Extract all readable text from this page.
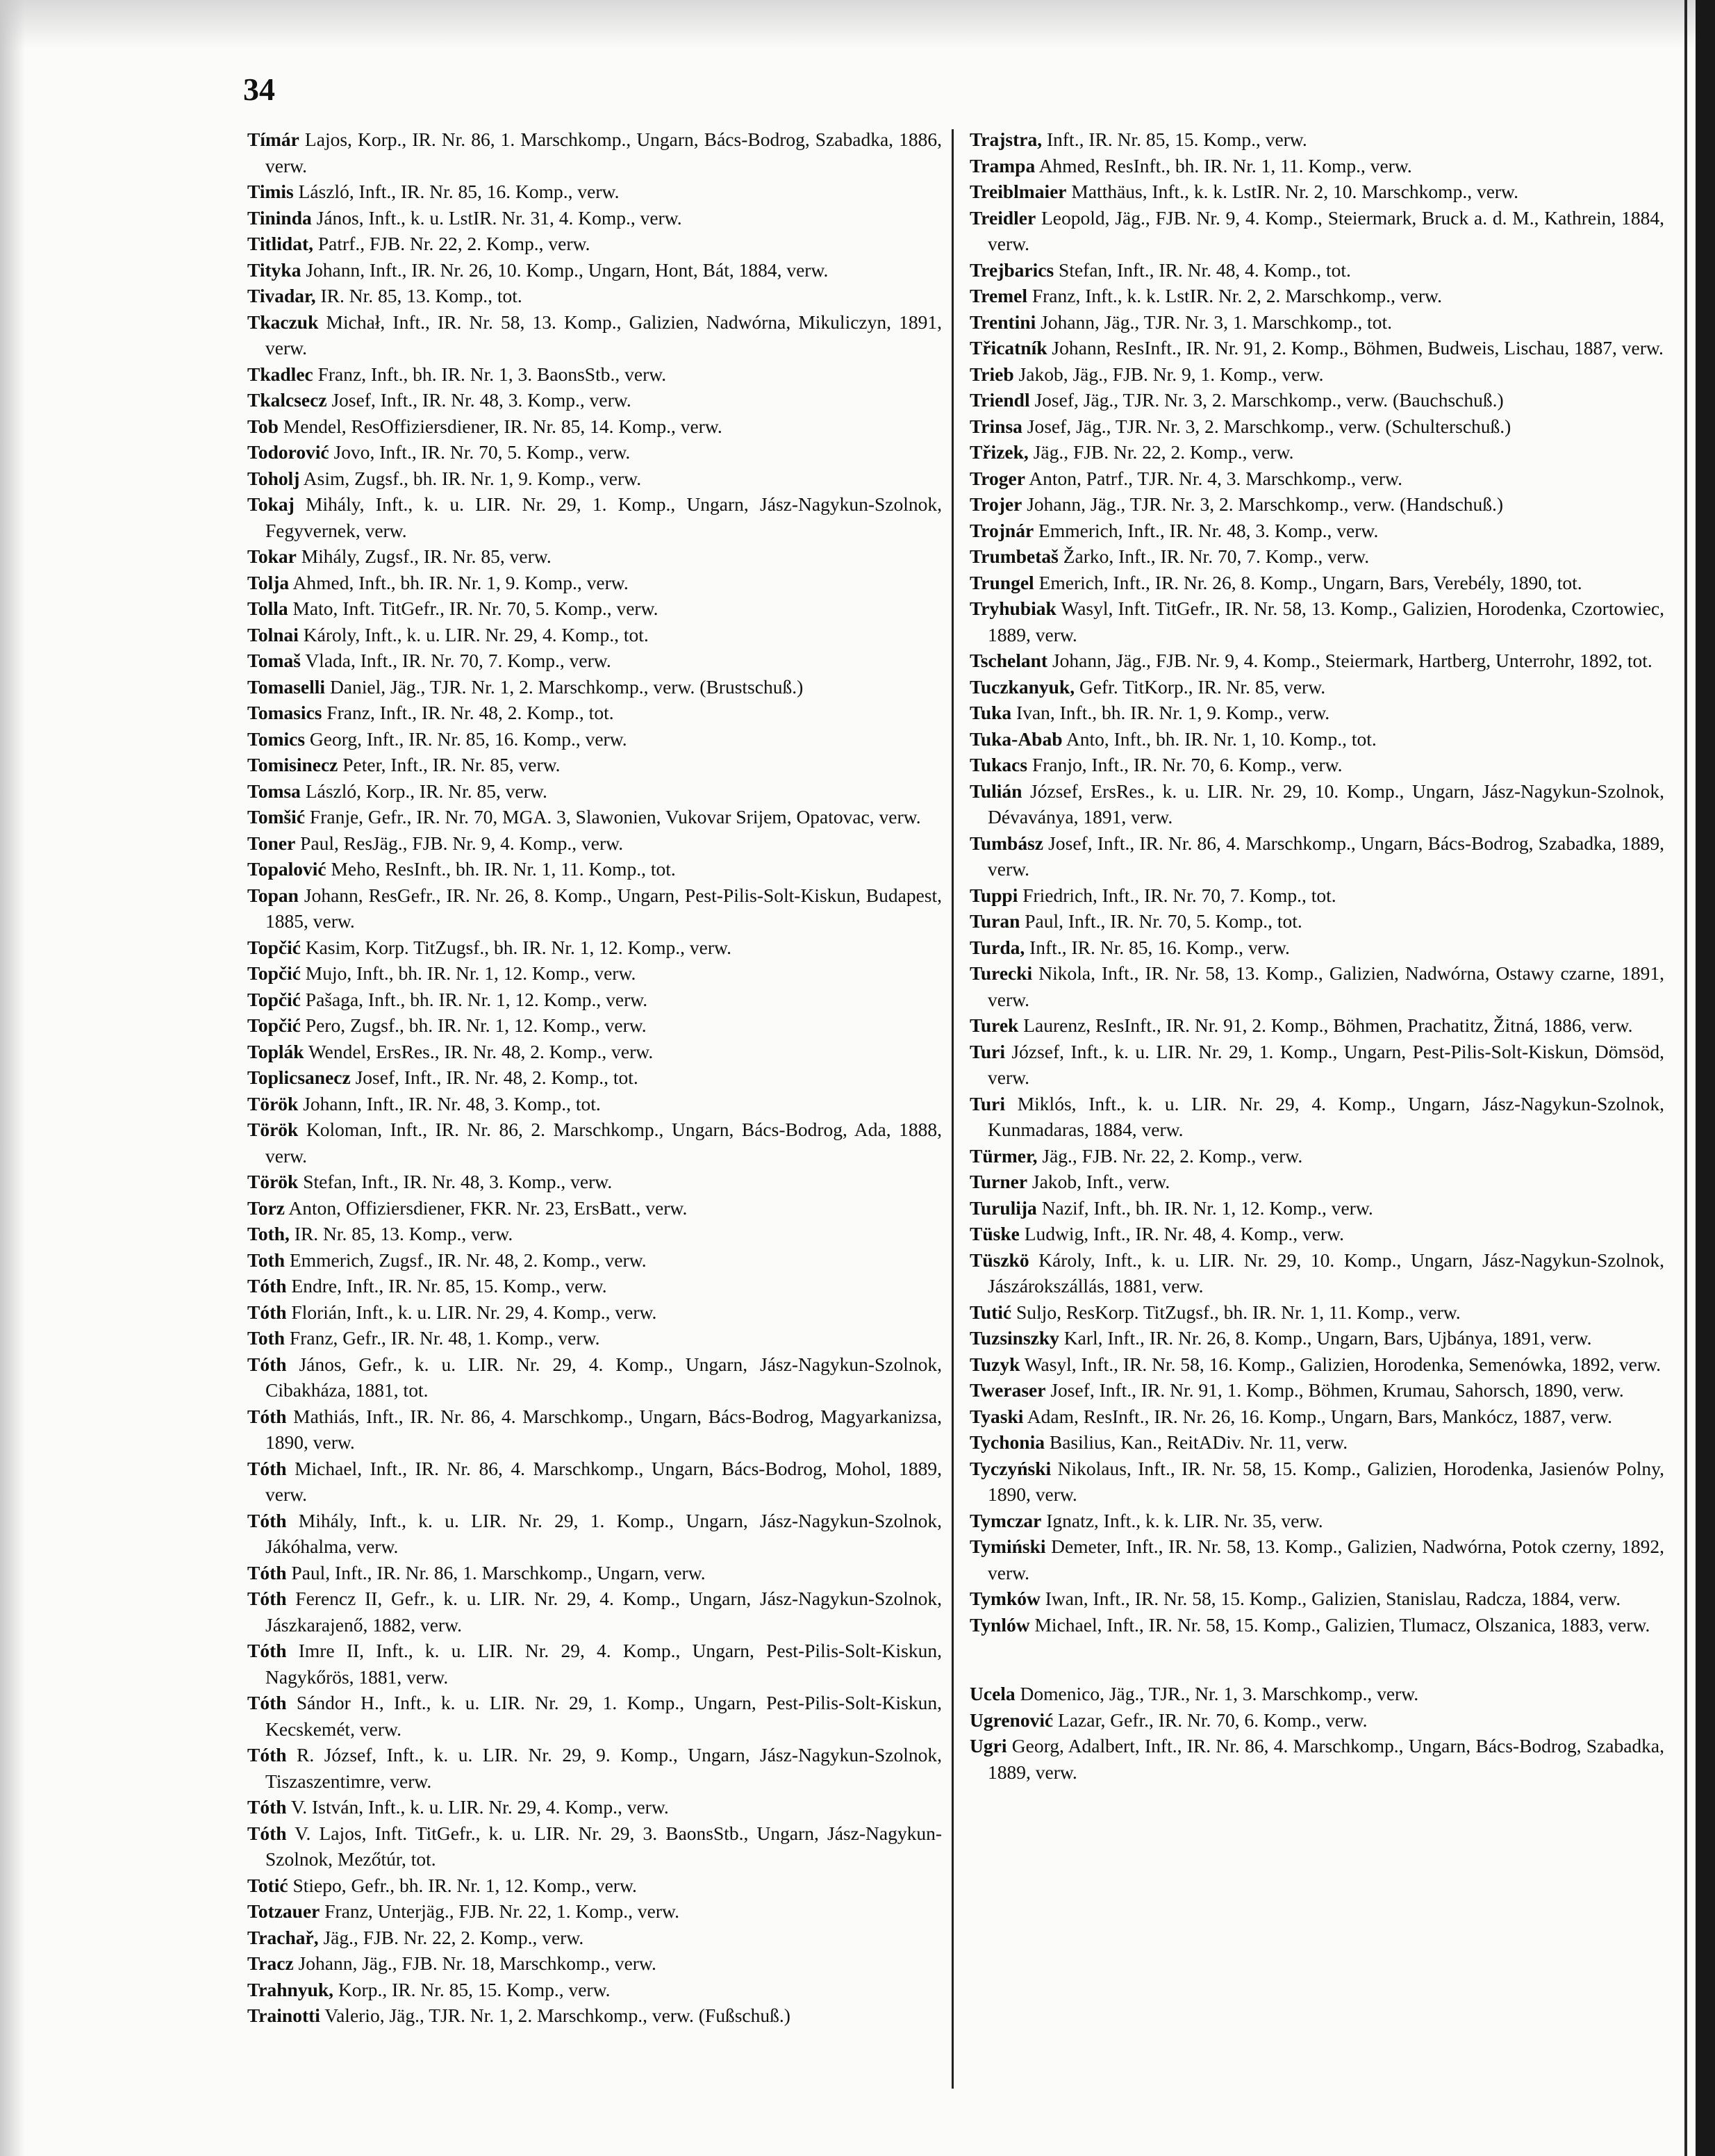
34
Tímár Lajos, Korp., IR. Nr. 86, 1. Marschkomp., Ungarn, Bács-Bodrog, Szabadka, 1886, verw.
Timis László, Inft., IR. Nr. 85, 16. Komp., verw.
Tininda János, Inft., k. u. LstIR. Nr. 31, 4. Komp., verw.
Titlidat, Patrf., FJB. Nr. 22, 2. Komp., verw.
Tityka Johann, Inft., IR. Nr. 26, 10. Komp., Ungarn, Hont, Bát, 1884, verw.
Tivadar, IR. Nr. 85, 13. Komp., tot.
Tkaczuk Michał, Inft., IR. Nr. 58, 13. Komp., Galizien, Nadwórna, Mikuliczyn, 1891, verw.
Tkadlec Franz, Inft., bh. IR. Nr. 1, 3. BaonsStb., verw.
Tkalcsecz Josef, Inft., IR. Nr. 48, 3. Komp., verw.
Tob Mendel, ResOffiziersdiener, IR. Nr. 85, 14. Komp., verw.
Todorović Jovo, Inft., IR. Nr. 70, 5. Komp., verw.
Toholj Asim, Zugsf., bh. IR. Nr. 1, 9. Komp., verw.
Tokaj Mihály, Inft., k. u. LIR. Nr. 29, 1. Komp., Ungarn, Jász-Nagykun-Szolnok, Fegyvernek, verw.
Tokar Mihály, Zugsf., IR. Nr. 85, verw.
Tolja Ahmed, Inft., bh. IR. Nr. 1, 9. Komp., verw.
Tolla Mato, Inft. TitGefr., IR. Nr. 70, 5. Komp., verw.
Tolnai Károly, Inft., k. u. LIR. Nr. 29, 4. Komp., tot.
Tomaš Vlada, Inft., IR. Nr. 70, 7. Komp., verw.
Tomaselli Daniel, Jäg., TJR. Nr. 1, 2. Marschkomp., verw. (Brustschuß.)
Tomasics Franz, Inft., IR. Nr. 48, 2. Komp., tot.
Tomics Georg, Inft., IR. Nr. 85, 16. Komp., verw.
Tomisinecz Peter, Inft., IR. Nr. 85, verw.
Tomsa László, Korp., IR. Nr. 85, verw.
Tomšić Franje, Gefr., IR. Nr. 70, MGA. 3, Slawonien, Vukovar Srijem, Opatovac, verw.
Toner Paul, ResJäg., FJB. Nr. 9, 4. Komp., verw.
Topalović Meho, ResInft., bh. IR. Nr. 1, 11. Komp., tot.
Topan Johann, ResGefr., IR. Nr. 26, 8. Komp., Ungarn, Pest-Pilis-Solt-Kiskun, Budapest, 1885, verw.
Topčić Kasim, Korp. TitZugsf., bh. IR. Nr. 1, 12. Komp., verw.
Topčić Mujo, Inft., bh. IR. Nr. 1, 12. Komp., verw.
Topčić Pašaga, Inft., bh. IR. Nr. 1, 12. Komp., verw.
Topčić Pero, Zugsf., bh. IR. Nr. 1, 12. Komp., verw.
Toplák Wendel, ErsRes., IR. Nr. 48, 2. Komp., verw.
Toplicsanecz Josef, Inft., IR. Nr. 48, 2. Komp., tot.
Török Johann, Inft., IR. Nr. 48, 3. Komp., tot.
Török Koloman, Inft., IR. Nr. 86, 2. Marschkomp., Ungarn, Bács-Bodrog, Ada, 1888, verw.
Török Stefan, Inft., IR. Nr. 48, 3. Komp., verw.
Torz Anton, Offiziersdiener, FKR. Nr. 23, ErsBatt., verw.
Toth, IR. Nr. 85, 13. Komp., verw.
Toth Emmerich, Zugsf., IR. Nr. 48, 2. Komp., verw.
Tóth Endre, Inft., IR. Nr. 85, 15. Komp., verw.
Tóth Florián, Inft., k. u. LIR. Nr. 29, 4. Komp., verw.
Toth Franz, Gefr., IR. Nr. 48, 1. Komp., verw.
Tóth János, Gefr., k. u. LIR. Nr. 29, 4. Komp., Ungarn, Jász-Nagykun-Szolnok, Cibakháza, 1881, tot.
Tóth Mathiás, Inft., IR. Nr. 86, 4. Marschkomp., Ungarn, Bács-Bodrog, Magyarkanizsa, 1890, verw.
Tóth Michael, Inft., IR. Nr. 86, 4. Marschkomp., Ungarn, Bács-Bodrog, Mohol, 1889, verw.
Tóth Mihály, Inft., k. u. LIR. Nr. 29, 1. Komp., Ungarn, Jász-Nagykun-Szolnok, Jákóhalma, verw.
Tóth Paul, Inft., IR. Nr. 86, 1. Marschkomp., Ungarn, verw.
Tóth Ferencz II, Gefr., k. u. LIR. Nr. 29, 4. Komp., Ungarn, Jász-Nagykun-Szolnok, Jászkarajenő, 1882, verw.
Tóth Imre II, Inft., k. u. LIR. Nr. 29, 4. Komp., Ungarn, Pest-Pilis-Solt-Kiskun, Nagykőrös, 1881, verw.
Tóth Sándor H., Inft., k. u. LIR. Nr. 29, 1. Komp., Ungarn, Pest-Pilis-Solt-Kiskun, Kecskemét, verw.
Tóth R. József, Inft., k. u. LIR. Nr. 29, 9. Komp., Ungarn, Jász-Nagykun-Szolnok, Tiszaszentimre, verw.
Tóth V. István, Inft., k. u. LIR. Nr. 29, 4. Komp., verw.
Tóth V. Lajos, Inft. TitGefr., k. u. LIR. Nr. 29, 3. BaonsStb., Ungarn, Jász-Nagykun-Szolnok, Mezőtúr, tot.
Totić Stiepo, Gefr., bh. IR. Nr. 1, 12. Komp., verw.
Totzauer Franz, Unterjäg., FJB. Nr. 22, 1. Komp., verw.
Trachař, Jäg., FJB. Nr. 22, 2. Komp., verw.
Tracz Johann, Jäg., FJB. Nr. 18, Marschkomp., verw.
Trahnyuk, Korp., IR. Nr. 85, 15. Komp., verw.
Trainotti Valerio, Jäg., TJR. Nr. 1, 2. Marschkomp., verw. (Fußschuß.)
Trajstra, Inft., IR. Nr. 85, 15. Komp., verw.
Trampa Ahmed, ResInft., bh. IR. Nr. 1, 11. Komp., verw.
Treiblmaier Matthäus, Inft., k. k. LstIR. Nr. 2, 10. Marschkomp., verw.
Treidler Leopold, Jäg., FJB. Nr. 9, 4. Komp., Steiermark, Bruck a. d. M., Kathrein, 1884, verw.
Trejbarics Stefan, Inft., IR. Nr. 48, 4. Komp., tot.
Tremel Franz, Inft., k. k. LstIR. Nr. 2, 2. Marschkomp., verw.
Trentini Johann, Jäg., TJR. Nr. 3, 1. Marschkomp., tot.
Třicatník Johann, ResInft., IR. Nr. 91, 2. Komp., Böhmen, Budweis, Lischau, 1887, verw.
Trieb Jakob, Jäg., FJB. Nr. 9, 1. Komp., verw.
Triendl Josef, Jäg., TJR. Nr. 3, 2. Marschkomp., verw. (Bauchschuß.)
Trinsa Josef, Jäg., TJR. Nr. 3, 2. Marschkomp., verw. (Schulterschuß.)
Třizek, Jäg., FJB. Nr. 22, 2. Komp., verw.
Troger Anton, Patrf., TJR. Nr. 4, 3. Marschkomp., verw.
Trojer Johann, Jäg., TJR. Nr. 3, 2. Marschkomp., verw. (Handschuß.)
Trojnár Emmerich, Inft., IR. Nr. 48, 3. Komp., verw.
Trumbetaš Žarko, Inft., IR. Nr. 70, 7. Komp., verw.
Trungel Emerich, Inft., IR. Nr. 26, 8. Komp., Ungarn, Bars, Verebély, 1890, tot.
Tryhubiak Wasyl, Inft. TitGefr., IR. Nr. 58, 13. Komp., Galizien, Horodenka, Czortowiec, 1889, verw.
Tschelant Johann, Jäg., FJB. Nr. 9, 4. Komp., Steiermark, Hartberg, Unterrohr, 1892, tot.
Tuczkanyuk, Gefr. TitKorp., IR. Nr. 85, verw.
Tuka Ivan, Inft., bh. IR. Nr. 1, 9. Komp., verw.
Tuka-Abab Anto, Inft., bh. IR. Nr. 1, 10. Komp., tot.
Tukacs Franjo, Inft., IR. Nr. 70, 6. Komp., verw.
Tulián József, ErsRes., k. u. LIR. Nr. 29, 10. Komp., Ungarn, Jász-Nagykun-Szolnok, Dévaványa, 1891, verw.
Tumbász Josef, Inft., IR. Nr. 86, 4. Marschkomp., Ungarn, Bács-Bodrog, Szabadka, 1889, verw.
Tuppi Friedrich, Inft., IR. Nr. 70, 7. Komp., tot.
Turan Paul, Inft., IR. Nr. 70, 5. Komp., tot.
Turda, Inft., IR. Nr. 85, 16. Komp., verw.
Turecki Nikola, Inft., IR. Nr. 58, 13. Komp., Galizien, Nadwórna, Ostawy czarne, 1891, verw.
Turek Laurenz, ResInft., IR. Nr. 91, 2. Komp., Böhmen, Prachatitz, Žitná, 1886, verw.
Turi József, Inft., k. u. LIR. Nr. 29, 1. Komp., Ungarn, Pest-Pilis-Solt-Kiskun, Dömsöd, verw.
Turi Miklós, Inft., k. u. LIR. Nr. 29, 4. Komp., Ungarn, Jász-Nagykun-Szolnok, Kunmadaras, 1884, verw.
Türmer, Jäg., FJB. Nr. 22, 2. Komp., verw.
Turner Jakob, Inft., verw.
Turulija Nazif, Inft., bh. IR. Nr. 1, 12. Komp., verw.
Tüske Ludwig, Inft., IR. Nr. 48, 4. Komp., verw.
Tüszkö Károly, Inft., k. u. LIR. Nr. 29, 10. Komp., Ungarn, Jász-Nagykun-Szolnok, Jászárokszállás, 1881, verw.
Tutić Suljo, ResKorp. TitZugsf., bh. IR. Nr. 1, 11. Komp., verw.
Tuzsinszky Karl, Inft., IR. Nr. 26, 8. Komp., Ungarn, Bars, Ujbánya, 1891, verw.
Tuzyk Wasyl, Inft., IR. Nr. 58, 16. Komp., Galizien, Horodenka, Semenówka, 1892, verw.
Tweraser Josef, Inft., IR. Nr. 91, 1. Komp., Böhmen, Krumau, Sahorsch, 1890, verw.
Tyaski Adam, ResInft., IR. Nr. 26, 16. Komp., Ungarn, Bars, Mankócz, 1887, verw.
Tychonia Basilius, Kan., ReitADiv. Nr. 11, verw.
Tyczyński Nikolaus, Inft., IR. Nr. 58, 15. Komp., Galizien, Horodenka, Jasienów Polny, 1890, verw.
Tymczar Ignatz, Inft., k. k. LIR. Nr. 35, verw.
Tymiński Demeter, Inft., IR. Nr. 58, 13. Komp., Galizien, Nadwórna, Potok czerny, 1892, verw.
Tymków Iwan, Inft., IR. Nr. 58, 15. Komp., Galizien, Stanislau, Radcza, 1884, verw.
Tynlów Michael, Inft., IR. Nr. 58, 15. Komp., Galizien, Tlumacz, Olszanica, 1883, verw.
Ucela Domenico, Jäg., TJR., Nr. 1, 3. Marschkomp., verw.
Ugrenović Lazar, Gefr., IR. Nr. 70, 6. Komp., verw.
Ugri Georg, Adalbert, Inft., IR. Nr. 86, 4. Marschkomp., Ungarn, Bács-Bodrog, Szabadka, 1889, verw.
